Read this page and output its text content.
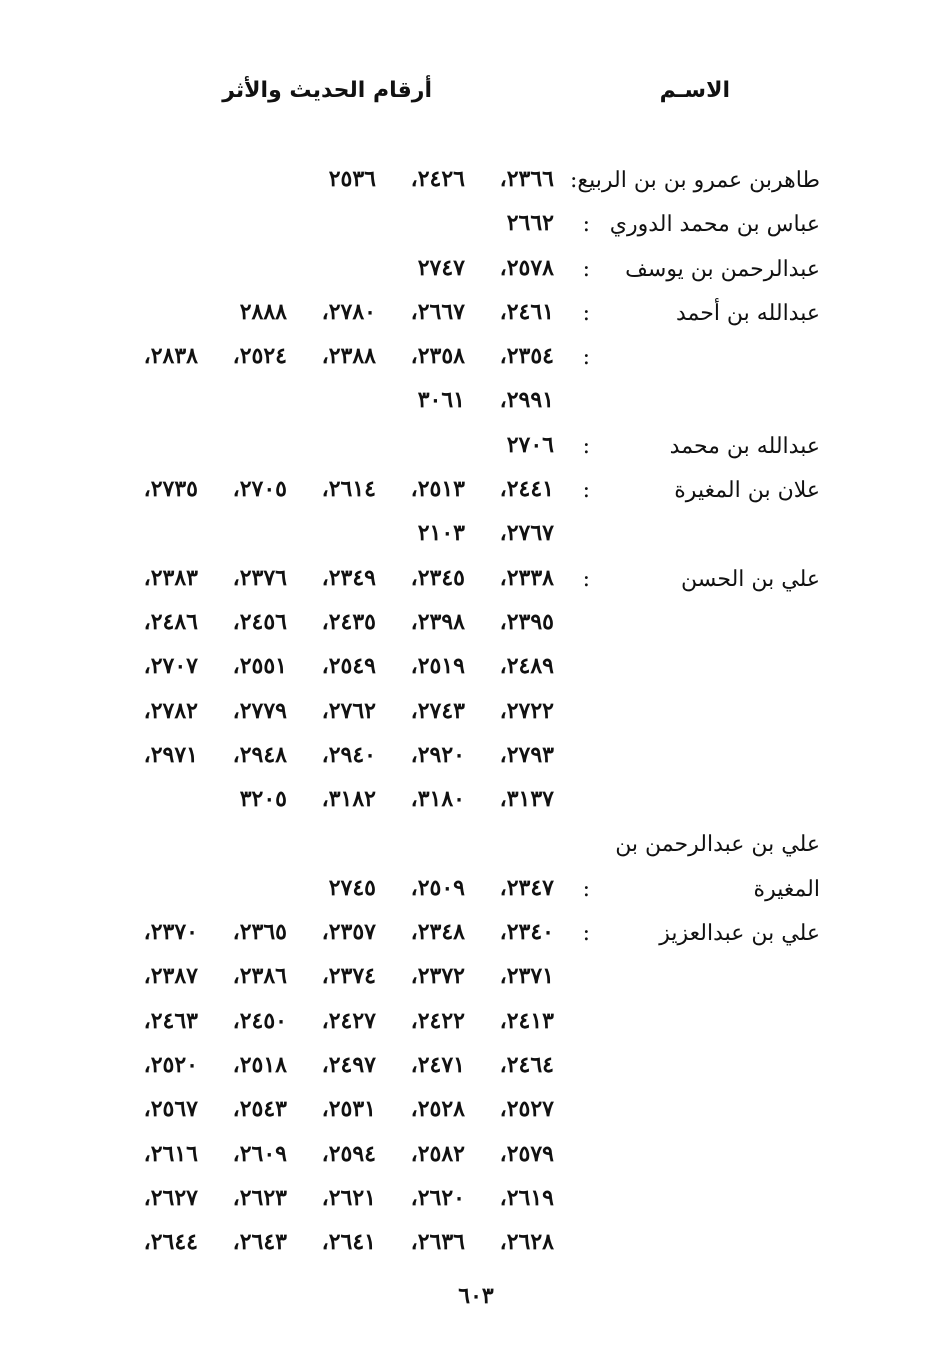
الاسـم
أرقام الحديث والأثر
طاهربن عمرو بن بن الربيع:
٢٣٦٦،
٢٤٢٦،
٢٥٣٦
عباس بن محمد الدوري
:
٢٦٦٢
عبدالرحمن بن يوسف
:
٢٥٧٨،
٢٧٤٧
عبدالله بن أحمد
:
٢٤٦١،
٢٦٦٧،
٢٧٨٠،
٢٨٨٨
:
٢٣٥٤،
٢٣٥٨،
٢٣٨٨،
٢٥٢٤،
٢٨٣٨،
٢٩٩١،
٣٠٦١
عبدالله بن محمد
:
٢٧٠٦
علان بن المغيرة
:
٢٤٤١،
٢٥١٣،
٢٦١٤،
٢٧٠٥،
٢٧٣٥،
٢٧٦٧،
٢١٠٣
علي بن الحسن
:
٢٣٣٨،
٢٣٤٥،
٢٣٤٩،
٢٣٧٦،
٢٣٨٣،
٢٣٩٥،
٢٣٩٨،
٢٤٣٥،
٢٤٥٦،
٢٤٨٦،
٢٤٨٩،
٢٥١٩،
٢٥٤٩،
٢٥٥١،
٢٧٠٧،
٢٧٢٢،
٢٧٤٣،
٢٧٦٢،
٢٧٧٩،
٢٧٨٢،
٢٧٩٣،
٢٩٢٠،
٢٩٤٠،
٢٩٤٨،
٢٩٧١،
٣١٣٧،
٣١٨٠،
٣١٨٢،
٣٢٠٥
علي بن عبدالرحمن بن
المغيرة
:
٢٣٤٧،
٢٥٠٩،
٢٧٤٥
علي بن عبدالعزيز
:
٢٣٤٠،
٢٣٤٨،
٢٣٥٧،
٢٣٦٥،
٢٣٧٠،
٢٣٧١،
٢٣٧٢،
٢٣٧٤،
٢٣٨٦،
٢٣٨٧،
٢٤١٣،
٢٤٢٢،
٢٤٢٧،
٢٤٥٠،
٢٤٦٣،
٢٤٦٤،
٢٤٧١،
٢٤٩٧،
٢٥١٨،
٢٥٢٠،
٢٥٢٧،
٢٥٢٨،
٢٥٣١،
٢٥٤٣،
٢٥٦٧،
٢٥٧٩،
٢٥٨٢،
٢٥٩٤،
٢٦٠٩،
٢٦١٦،
٢٦١٩،
٢٦٢٠،
٢٦٢١،
٢٦٢٣،
٢٦٢٧،
٢٦٢٨،
٢٦٣٦،
٢٦٤١،
٢٦٤٣،
٢٦٤٤،
٦٠٣
